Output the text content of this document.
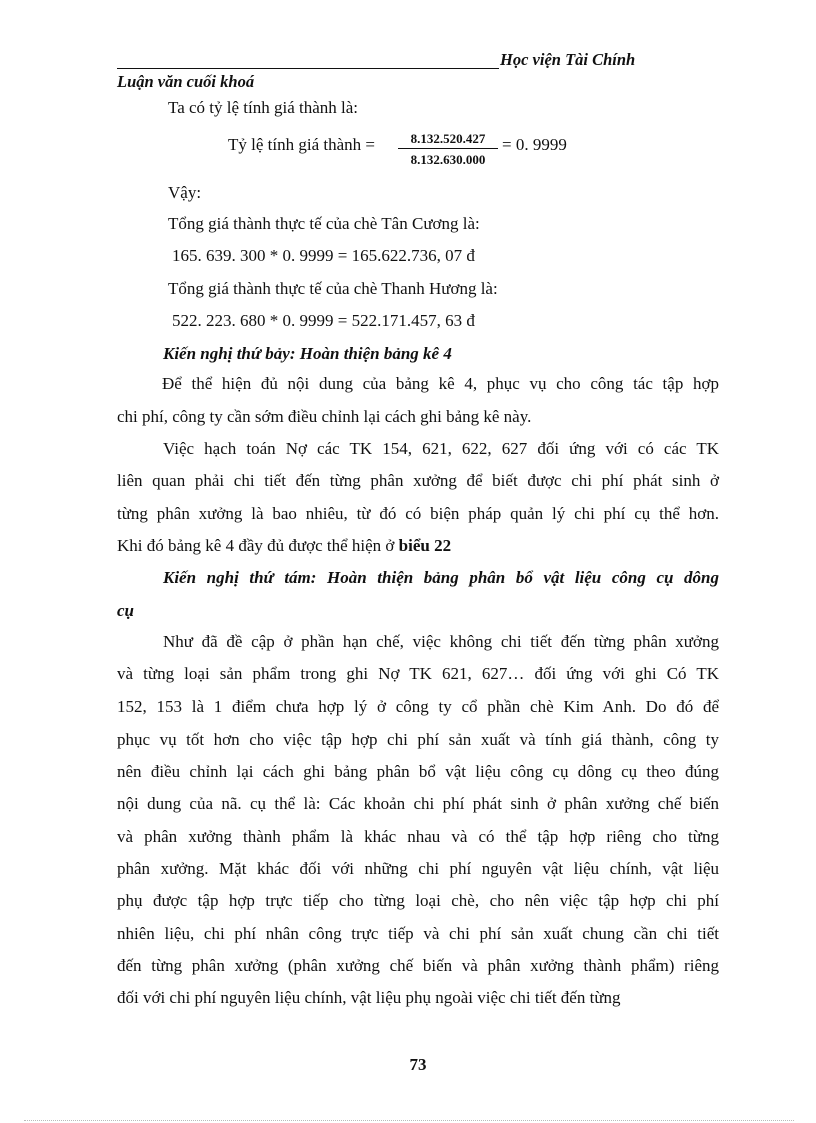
Học viện Tài Chính
Luận văn cuối khoá
Ta có tỷ lệ tính giá thành là:
Tỷ lệ tính giá thành = $\frac{8.132.520.427}{8.132.630.000} = 0$. 9999
Vậy:
Tổng giá thành thực tế của chè Tân Cương là:
165. 639. 300 * 0. 9999 = 165.622.736, 07 đ
Tổng giá thành thực tế của chè Thanh Hương là:
522. 223. 680 * 0. 9999 = 522.171.457, 63 đ
Kiến nghị thứ bảy: Hoàn thiện bảng kê 4
Để thể hiện đủ nội dung của bảng kê 4, phục vụ cho công tác tập hợp
chi phí, công ty cần sớm điều chỉnh lại cách ghi bảng kê này.
Việc hạch toán Nợ các TK 154, 621, 622, 627 đối ứng với có các TK
liên quan phải chi tiết đến từng phân xưởng để biết được chi phí phát sinh ở
từng phân xưởng là bao nhiêu, từ đó có biện pháp quản lý chi phí cụ thể hơn.
Khi đó bảng kê 4 đầy đủ được thể hiện ở biểu 22
Kiến nghị thứ tám: Hoàn thiện bảng phân bổ vật liệu công cụ dông
cụ
Như đã đề cập ở phần hạn chế, việc không chi tiết đến từng phân xưởng
và từng loại sản phẩm trong ghi Nợ TK 621, 627… đối ứng với ghi Có TK
152, 153 là 1 điểm chưa hợp lý ở công ty cổ phần chè Kim Anh. Do đó để
phục vụ tốt hơn cho việc tập hợp chi phí sản xuất và tính giá thành, công ty
nên điều chỉnh lại cách ghi bảng phân bổ vật liệu công cụ dông cụ theo đúng
nội dung của nã. cụ thể là: Các khoản chi phí phát sinh ở phân xưởng chế biến
và phân xưởng thành phẩm là khác nhau và có thể tập hợp riêng cho từng
phân xưởng. Mặt khác đối với những chi phí nguyên vật liệu chính, vật liệu
phụ được tập hợp trực tiếp cho từng loại chè, cho nên việc tập hợp chi phí
nhiên liệu, chi phí nhân công trực tiếp và chi phí sản xuất chung cần chi tiết
đến từng phân xưởng (phân xưởng chế biến và phân xưởng thành phẩm) riêng
đối với chi phí nguyên liệu chính, vật liệu phụ ngoài việc chi tiết đến từng
73
